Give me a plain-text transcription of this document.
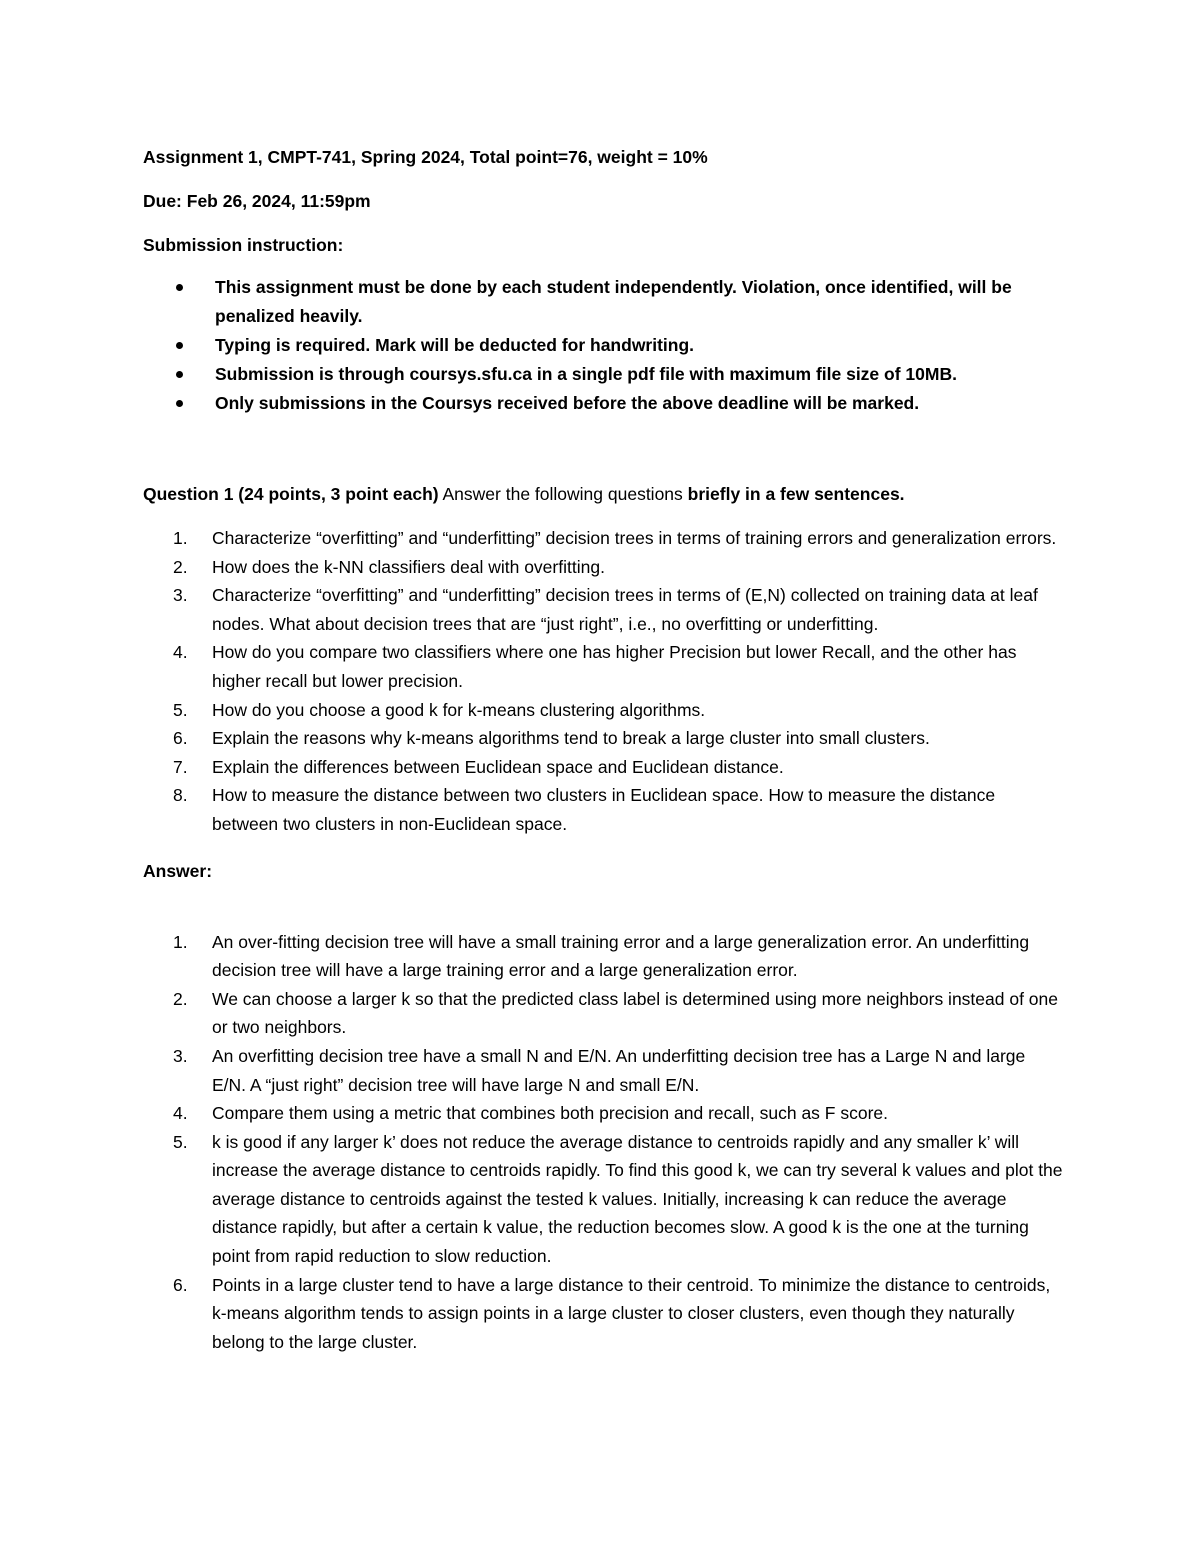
Assignment 1, CMPT-741, Spring 2024, Total point=76, weight = 10%

Due: Feb 26, 2024, 11:59pm

Submission instruction:

This assignment must be done by each student independently. Violation, once identified, will be penalized heavily.
Typing is required. Mark will be deducted for handwriting.
Submission is through coursys.sfu.ca in a single pdf file with maximum file size of 10MB.
Only submissions in the Coursys received before the above deadline will be marked.

Question 1 (24 points, 3 point each) Answer the following questions briefly in a few sentences.

1. Characterize “overfitting” and “underfitting” decision trees in terms of training errors and generalization errors.
2. How does the k-NN classifiers deal with overfitting.
3. Characterize “overfitting” and “underfitting” decision trees in terms of (E,N) collected on training data at leaf nodes. What about decision trees that are “just right”, i.e., no overfitting or underfitting.
4. How do you compare two classifiers where one has higher Precision but lower Recall, and the other has higher recall but lower precision.
5. How do you choose a good k for k-means clustering algorithms.
6. Explain the reasons why k-means algorithms tend to break a large cluster into small clusters.
7. Explain the differences between Euclidean space and Euclidean distance.
8. How to measure the distance between two clusters in Euclidean space. How to measure the distance between two clusters in non-Euclidean space.

Answer:

1. An over-fitting decision tree will have a small training error and a large generalization error. An underfitting decision tree will have a large training error and a large generalization error.
2. We can choose a larger k so that the predicted class label is determined using more neighbors instead of one or two neighbors.
3. An overfitting decision tree have a small N and E/N. An underfitting decision tree has a Large N and large E/N. A “just right” decision tree will have large N and small E/N.
4. Compare them using a metric that combines both precision and recall, such as F score.
5. k is good if any larger k’ does not reduce the average distance to centroids rapidly and any smaller k’ will increase the average distance to centroids rapidly. To find this good k, we can try several k values and plot the average distance to centroids against the tested k values. Initially, increasing k can reduce the average distance rapidly, but after a certain k value, the reduction becomes slow. A good k is the one at the turning point from rapid reduction to slow reduction.
6. Points in a large cluster tend to have a large distance to their centroid. To minimize the distance to centroids, k-means algorithm tends to assign points in a large cluster to closer clusters, even though they naturally belong to the large cluster.
